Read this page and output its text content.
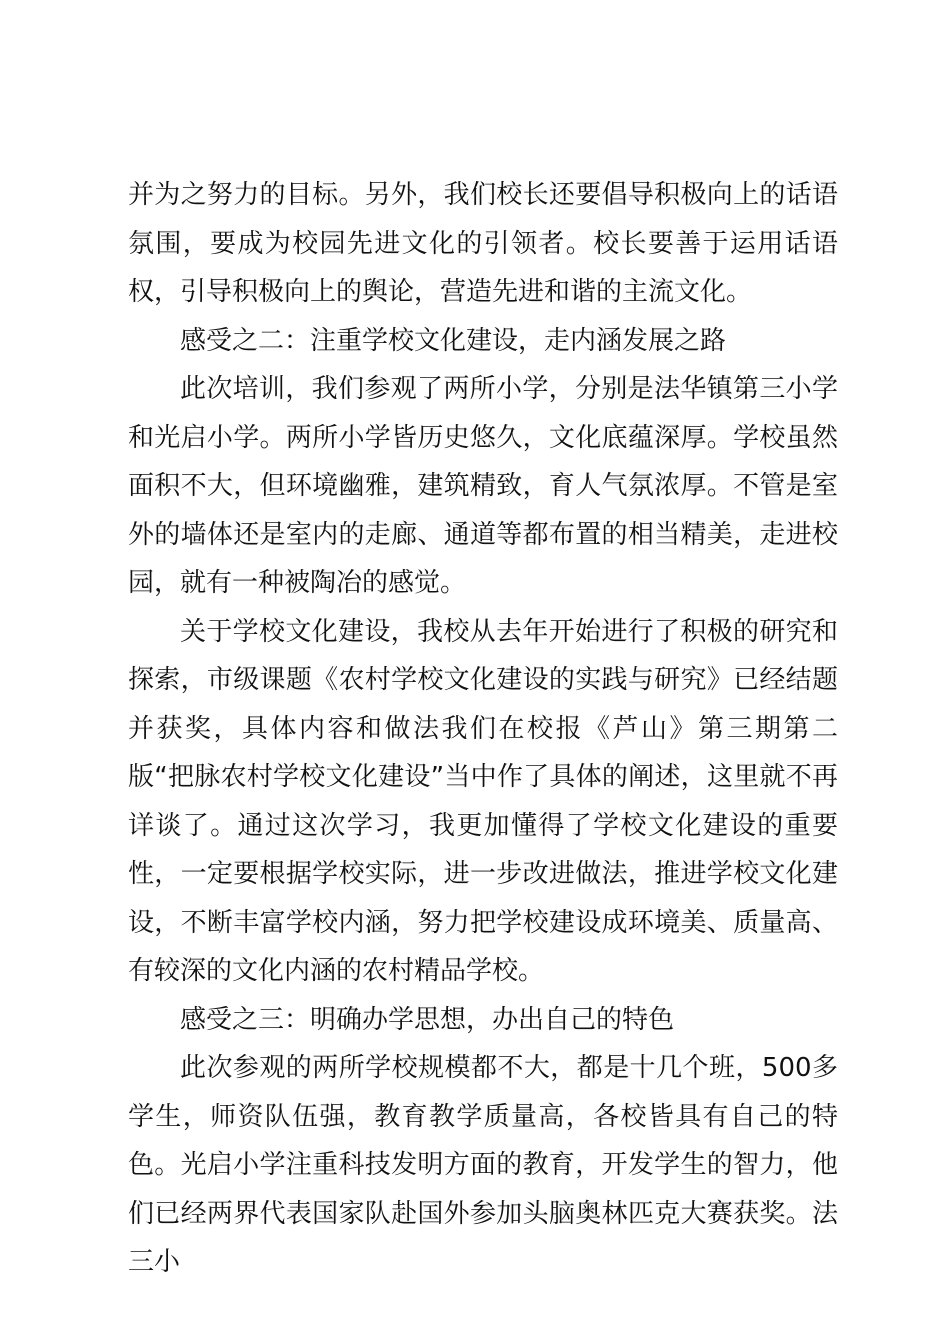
并为之努力的目标。另外，我们校长还要倡导积极向上的话语氛围，要成为校园先进文化的引领者。校长要善于运用话语权，引导积极向上的舆论，营造先进和谐的主流文化。

感受之二：注重学校文化建设，走内涵发展之路

此次培训，我们参观了两所小学，分别是法华镇第三小学和光启小学。两所小学皆历史悠久，文化底蕴深厚。学校虽然面积不大，但环境幽雅，建筑精致，育人气氛浓厚。不管是室外的墙体还是室内的走廊、通道等都布置的相当精美，走进校园，就有一种被陶冶的感觉。

关于学校文化建设，我校从去年开始进行了积极的研究和探索，市级课题《农村学校文化建设的实践与研究》已经结题并获奖，具体内容和做法我们在校报《芦山》第三期第二版“把脉农村学校文化建设”当中作了具体的阐述，这里就不再详谈了。通过这次学习，我更加懂得了学校文化建设的重要性，一定要根据学校实际，进一步改进做法，推进学校文化建设，不断丰富学校内涵，努力把学校建设成环境美、质量高、有较深的文化内涵的农村精品学校。

感受之三：明确办学思想，办出自己的特色

此次参观的两所学校规模都不大，都是十几个班，500多学生，师资队伍强，教育教学质量高，各校皆具有自己的特色。光启小学注重科技发明方面的教育，开发学生的智力，他们已经两界代表国家队赴国外参加头脑奥林匹克大赛获奖。法三小
